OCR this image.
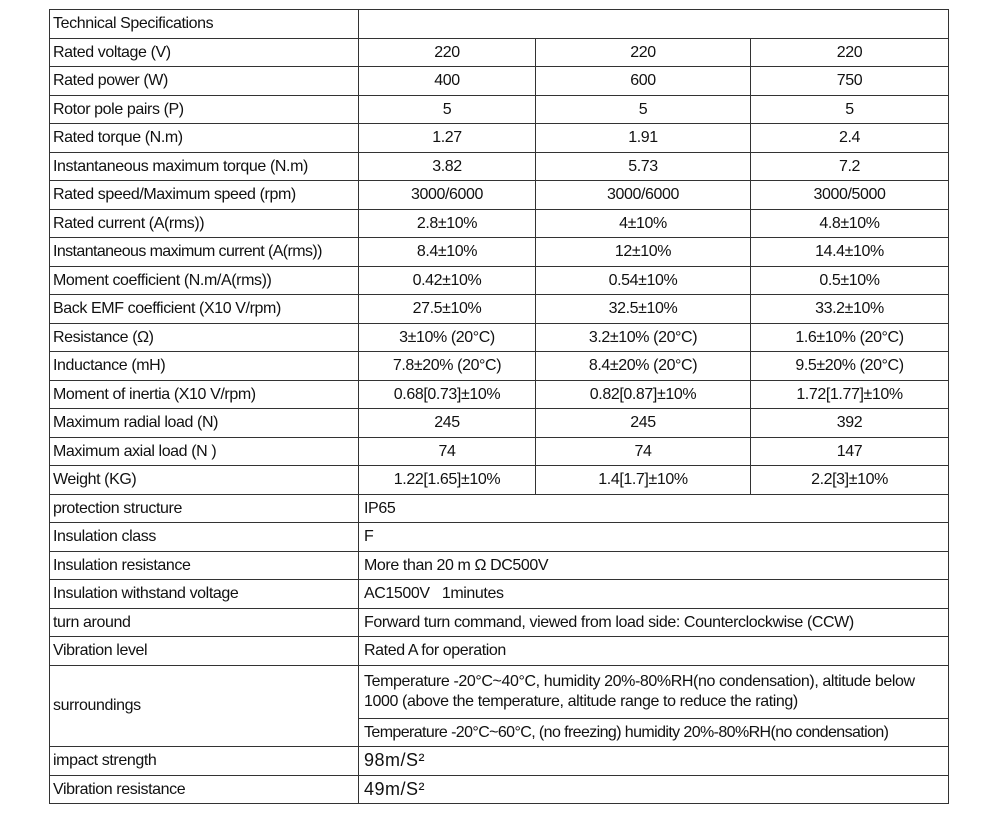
Technical Specifications			
Rated voltage (V)	220	220	220
Rated power (W)	400	600	750
Rotor pole pairs (P)	5	5	5
Rated torque (N.m)	1.27	1.91	2.4
Instantaneous maximum torque (N.m)	3.82	5.73	7.2
Rated speed/Maximum speed (rpm)	3000/6000	3000/6000	3000/5000
Rated current (A(rms))	2.8±10%	4±10%	4.8±10%
Instantaneous maximum current (A(rms))	8.4±10%	12±10%	14.4±10%
Moment coefficient (N.m/A(rms))	0.42±10%	0.54±10%	0.5±10%
Back EMF coefficient (X10 V/rpm)	27.5±10%	32.5±10%	33.2±10%
Resistance (Ω)	3±10% (20°C)	3.2±10% (20°C)	1.6±10% (20°C)
Inductance (mH)	7.8±20% (20°C)	8.4±20% (20°C)	9.5±20% (20°C)
Moment of inertia (X10 V/rpm)	0.68[0.73]±10%	0.82[0.87]±10%	1.72[1.77]±10%
Maximum radial load (N)	245	245	392
Maximum axial load (N )	74	74	147
Weight (KG)	1.22[1.65]±10%	1.4[1.7]±10%	2.2[3]±10%
protection structure	IP65		
Insulation class	F		
Insulation resistance	More than 20 m Ω DC500V		
Insulation withstand voltage	AC1500V   1minutes		
turn around	Forward turn command, viewed from load side: Counterclockwise (CCW)		
Vibration level	Rated A for operation		
surroundings	Temperature -20°C~40°C, humidity 20%-80%RH(no condensation), altitude below 1000 (above the temperature, altitude range to reduce the rating)		
	Temperature -20°C~60°C, (no freezing) humidity 20%-80%RH(no condensation)		
impact strength	98m/S²		
Vibration resistance	49m/S²		
